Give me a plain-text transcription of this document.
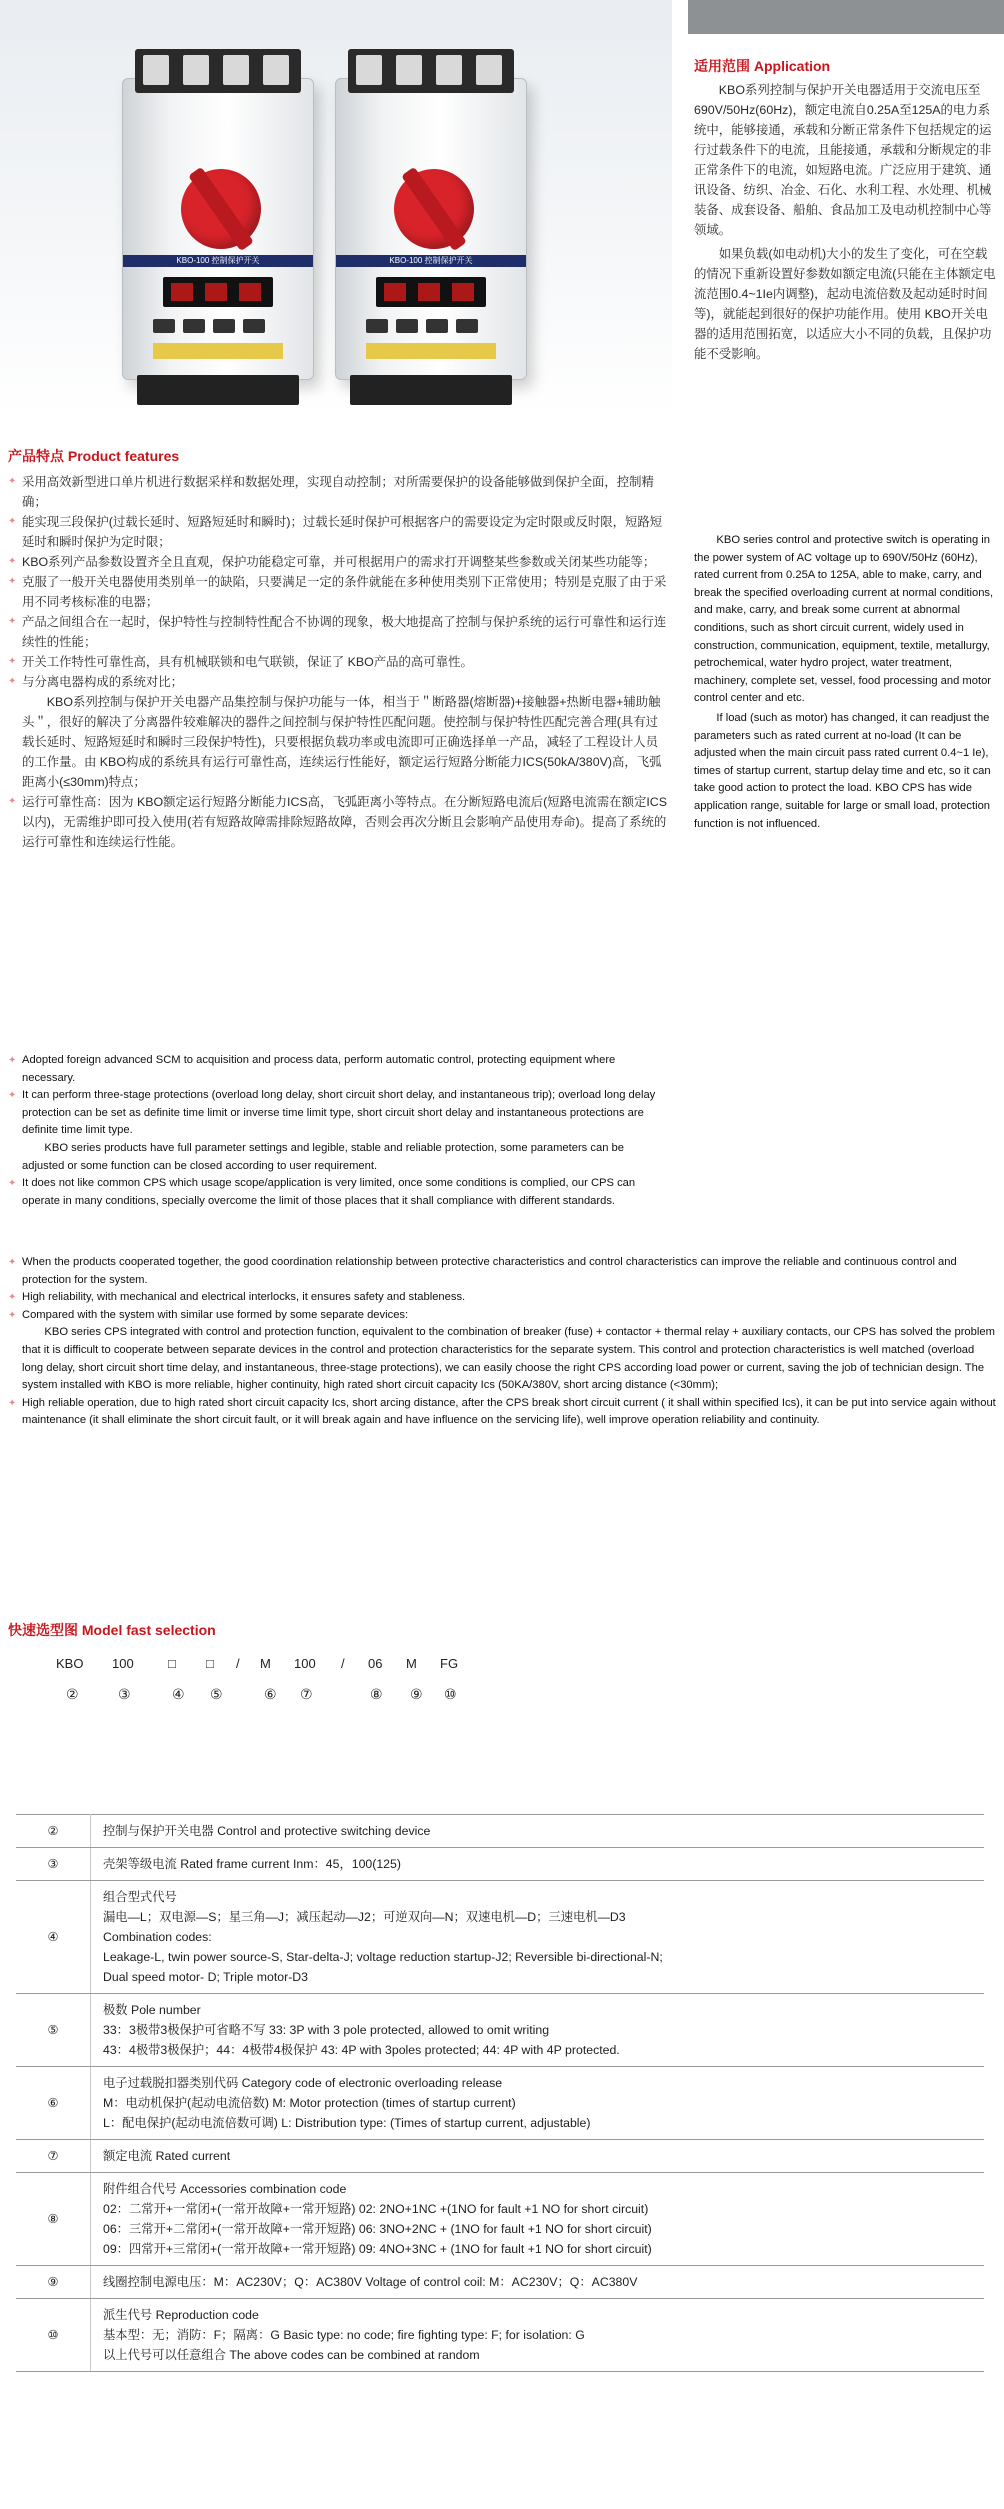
KBO-100 控制保护开关	KBO-100 控制保护开关
适用范围 Application
KBO系列控制与保护开关电器适用于交流电压至690V/50Hz(60Hz)，额定电流自0.25A至125A的电力系统中，能够接通，承载和分断正常条件下包括规定的运行过载条件下的电流，且能接通，承载和分断规定的非正常条件下的电流，如短路电流。广泛应用于建筑、通讯设备、纺织、冶金、石化、水利工程、水处理、机械装备、成套设备、船舶、食品加工及电动机控制中心等领域。
如果负载(如电动机)大小的发生了变化，可在空载的情况下重新设置好参数如额定电流(只能在主体额定电流范围0.4~1Ie内调整)，起动电流倍数及起动延时时间等)，就能起到很好的保护功能作用。使用 KBO开关电器的适用范围拓宽，以适应大小不同的负载，且保护功能不受影响。
KBO series control and protective switch is operating in the power system of AC voltage up to 690V/50Hz (60Hz), rated current from 0.25A to 125A, able to make, carry, and break the specified overloading current at normal conditions, and make, carry, and break some current at abnormal conditions, such as short circuit current, widely used in construction, communication, equipment, textile, metallurgy, petrochemical, water hydro project, water treatment, machinery, complete set, vessel, food processing and motor control center and etc.
If load (such as motor) has changed, it can readjust the parameters such as rated current at no-load (It can be adjusted when the main circuit pass rated current 0.4~1 Ie), times of startup current, startup delay time and etc, so it can take good action to protect the load. KBO CPS has wide application range, suitable for large or small load, protection function is not influenced.
产品特点 Product features
✦ 采用高效新型进口单片机进行数据采样和数据处理，实现自动控制；对所需要保护的设备能够做到保护全面，控制精确；
✦ 能实现三段保护(过载长延时、短路短延时和瞬时)；过载长延时保护可根据客户的需要设定为定时限或反时限，短路短延时和瞬时保护为定时限；
✦ KBO系列产品参数设置齐全且直观，保护功能稳定可靠，并可根据用户的需求打开调整某些参数或关闭某些功能等；
✦ 克服了一般开关电器使用类别单一的缺陷，只要满足一定的条件就能在多种使用类别下正常使用；特别是克服了由于采用不同考核标准的电器；
✦ 产品之间组合在一起时，保护特性与控制特性配合不协调的现象，极大地提高了控制与保护系统的运行可靠性和运行连续性的性能；
✦ 开关工作特性可靠性高，具有机械联锁和电气联锁，保证了 KBO产品的高可靠性。
✦ 与分离电器构成的系统对比；
KBO系列控制与保护开关电器产品集控制与保护功能与一体，相当于＂断路器(熔断器)+接触器+热断电器+辅助触头＂，很好的解决了分离器件较难解决的器件之间控制与保护特性匹配问题。使控制与保护特性匹配完善合理(具有过载长延时、短路短延时和瞬时三段保护特性)，只要根据负载功率或电流即可正确选择单一产品，减轻了工程设计人员的工作量。由 KBO构成的系统具有运行可靠性高，连续运行性能好，额定运行短路分断能力ICS(50kA/380V)高，飞弧距离小(≤30mm)特点；
✦ 运行可靠性高：因为 KBO额定运行短路分断能力ICS高，飞弧距离小等特点。在分断短路电流后(短路电流需在额定ICS以内)，无需维护即可投入使用(若有短路故障需排除短路故障，否则会再次分断且会影响产品使用寿命)。提高了系统的运行可靠性和连续运行性能。
✦ Adopted foreign advanced SCM to acquisition and process data, perform automatic control, protecting equipment where necessary.
✦ It can perform three-stage protections (overload long delay, short circuit short delay, and instantaneous trip); overload long delay protection can be set as definite time limit or inverse time limit type, short circuit short delay and instantaneous protections are definite time limit type.
KBO series products have full parameter settings and legible, stable and reliable protection, some parameters can be adjusted or some function can be closed according to user requirement.
✦ It does not like common CPS which usage scope/application is very limited, once some conditions is complied, our CPS can operate in many conditions, specially overcome the limit of those places that it shall compliance with different standards.
✦ When the products cooperated together, the good coordination relationship between protective characteristics and control characteristics can improve the reliable and continuous control and protection for the system.
✦ High reliability, with mechanical and electrical interlocks, it ensures safety and stableness.
✦ Compared with the system with similar use formed by some separate devices:
KBO series CPS integrated with control and protection function, equivalent to the combination of breaker (fuse) + contactor + thermal relay + auxiliary contacts, our CPS has solved the problem that it is difficult to cooperate between separate devices in the control and protection characteristics for the separate system. This control and protection characteristics is well matched (overload long delay, short circuit short time delay, and instantaneous, three-stage protections), we can easily choose the right CPS according load power or current, saving the job of technician design. The system installed with KBO is more reliable, higher continuity, high rated short circuit capacity Ics (50KA/380V, short arcing distance (<30mm);
✦ High reliable operation, due to high rated short circuit capacity Ics, short arcing distance, after the CPS break short circuit current ( it shall within specified Ics), it can be put into service again without maintenance (it shall eliminate the short circuit fault, or it will break again and have influence on the servicing life), well improve operation reliability and continuity.
快速选型图 Model fast selection
KBO 100	□ □ / M 100 / 06 M FG
②	③	④ ⑤	⑥ ⑦	⑧ ⑨ ⑩
②	控制与保护开关电器 Control and protective switching device

③	壳架等级电流 Rated frame current Inm：45，100(125)

④	组合型式代号
漏电—L；双电源—S；星三角—J；减压起动—J2；可逆双向—N；双速电机—D；三速电机—D3
Combination codes:
Leakage-L, twin power source-S, Star-delta-J; voltage reduction startup-J2; Reversible bi-directional-N;
Dual speed motor- D; Triple motor-D3

⑤	极数 Pole number
33：3极带3极保护可省略不写 33: 3P with 3 pole protected, allowed to omit writing
43：4极带3极保护；44：4极带4极保护 43: 4P with 3poles protected; 44: 4P with 4P protected.

⑥	电子过载脱扣器类别代码 Category code of electronic overloading release
M：电动机保护(起动电流倍数) M: Motor protection (times of startup current)
L：配电保护(起动电流倍数可调) L: Distribution type: (Times of startup current, adjustable)

⑦	额定电流 Rated current

⑧	附件组合代号 Accessories combination code
02：二常开+一常闭+(一常开故障+一常开短路) 02: 2NO+1NC +(1NO for fault +1 NO for short circuit)
06：三常开+二常闭+(一常开故障+一常开短路) 06: 3NO+2NC + (1NO for fault +1 NO for short circuit)
09：四常开+三常闭+(一常开故障+一常开短路) 09: 4NO+3NC + (1NO for fault +1 NO for short circuit)

⑨	线圈控制电源电压：M：AC230V；Q：AC380V Voltage of control coil: M：AC230V；Q：AC380V

⑩	派生代号 Reproduction code
基本型：无；消防：F；隔离：G Basic type: no code; fire fighting type: F; for isolation: G
以上代号可以任意组合 The above codes can be combined at random
